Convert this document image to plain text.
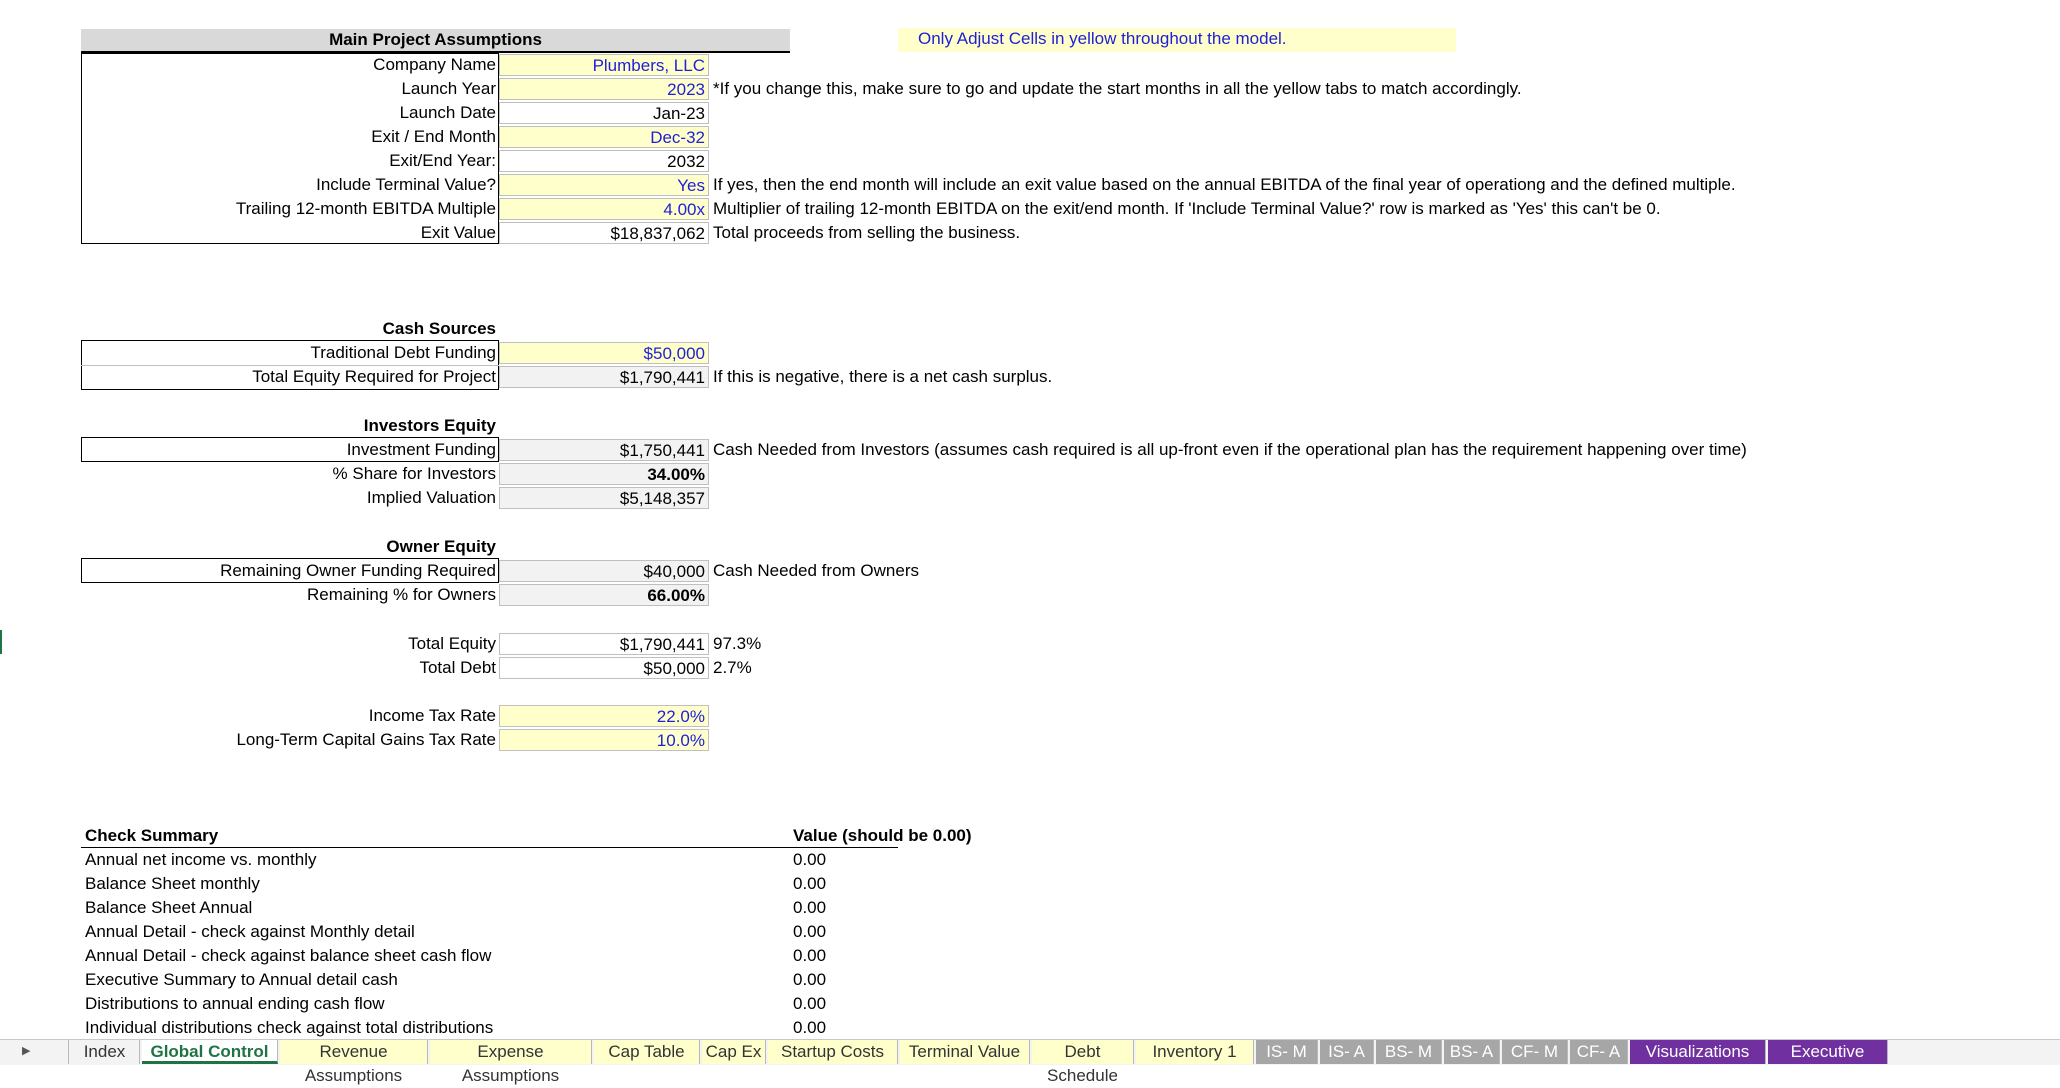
Only Adjust Cells in yellow throughout the model.
Main Project Assumptions
Company Name	Plumbers, LLC
Launch Year	2023 *If you change this, make sure to go and update the start months in all the yellow tabs to match accordingly.
Launch Date	Jan-23
Exit / End Month	Dec-32
Exit/End Year:	2032
Include Terminal Value?	Yes If yes, then the end month will include an exit value based on the annual EBITDA of the final year of operationg and the defined multiple.
Trailing 12-month EBITDA Multiple	4.00x Multiplier of trailing 12-month EBITDA on the exit/end month. If 'Include Terminal Value?' row is marked as 'Yes' this can't be 0.
Exit Value	$18,837,062 Total proceeds from selling the business.
Cash Sources
Traditional Debt Funding	$50,000
Total Equity Required for Project	$1,790,441 If this is negative, there is a net cash surplus.
Investors Equity
Investment Funding	$1,750,441 Cash Needed from Investors (assumes cash required is all up-front even if the operational plan has the requirement happening over time)
% Share for Investors	34.00%
Implied Valuation	$5,148,357
Owner Equity
Remaining Owner Funding Required	$40,000 Cash Needed from Owners
Remaining % for Owners	66.00%
Total Equity	$1,790,441 97.3%
Total Debt	$50,000 2.7%
Income Tax Rate	22.0%
Long-Term Capital Gains Tax Rate	10.0%
Check Summary	Value (should be 0.00)
Annual net income vs. monthly	0.00
Balance Sheet monthly	0.00
Balance Sheet Annual	0.00
Annual Detail - check against Monthly detail	0.00
Annual Detail - check against balance sheet cash flow	0.00
Executive Summary to Annual detail cash	0.00
Distributions to annual ending cash flow	0.00
Individual distributions check against total distributions	0.00
▶	Index	Global Control	Revenue Assumptions
Expense Assumptions
Cap Table	Cap Ex	Startup Costs	Terminal Value	Debt Schedule
Inventory 1	IS- M	IS- A	BS- M	BS- A	CF- M	CF- A	Visualizations	Executive Summ
